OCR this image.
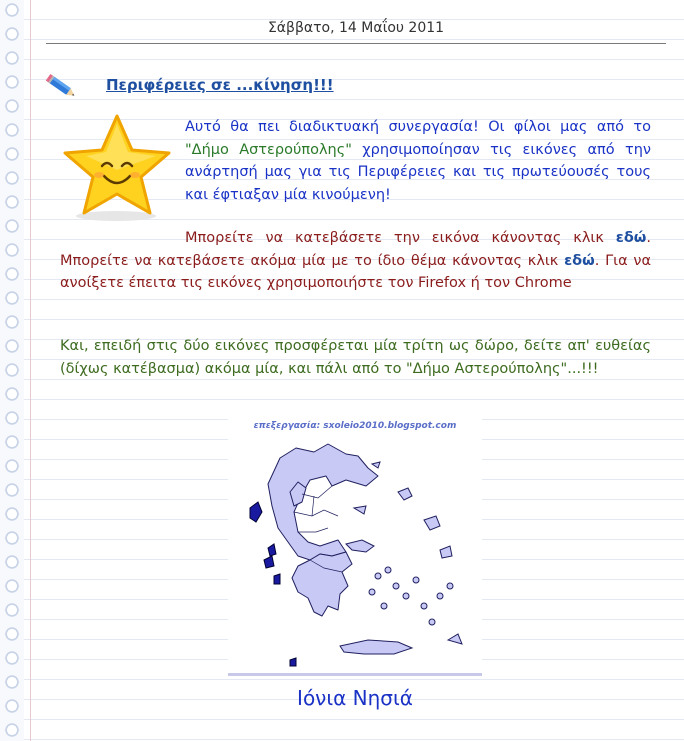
Σάββατο, 14 Μαΐου 2011
Περιφέρειες σε ...κίνηση!!!

Αυτό θα πει διαδικτυακή συνεργασία! Οι φίλοι μας από το "Δήμο Αστερούπολης" χρησιμοποίησαν τις εικόνες από την ανάρτησή μας για τις Περιφέρειες και τις πρωτεύουσές τους και έφτιαξαν μία κινούμενη!

Μπορείτε να κατεβάσετε την εικόνα κάνοντας κλικ εδώ. Μπορείτε να κατεβάσετε ακόμα μία με το ίδιο θέμα κάνοντας κλικ εδώ. Για να ανοίξετε έπειτα τις εικόνες χρησιμοποιήστε τον Firefox ή τον Chrome

Και, επειδή στις δύο εικόνες προσφέρεται μία τρίτη ως δώρο, δείτε απ' ευθείας (δίχως κατέβασμα) ακόμα μία, και πάλι από το "Δήμο Αστερούπολης"...!!!

επεξεργασία: sxoleio2010.blogspot.com
Ιόνια Νησιά
